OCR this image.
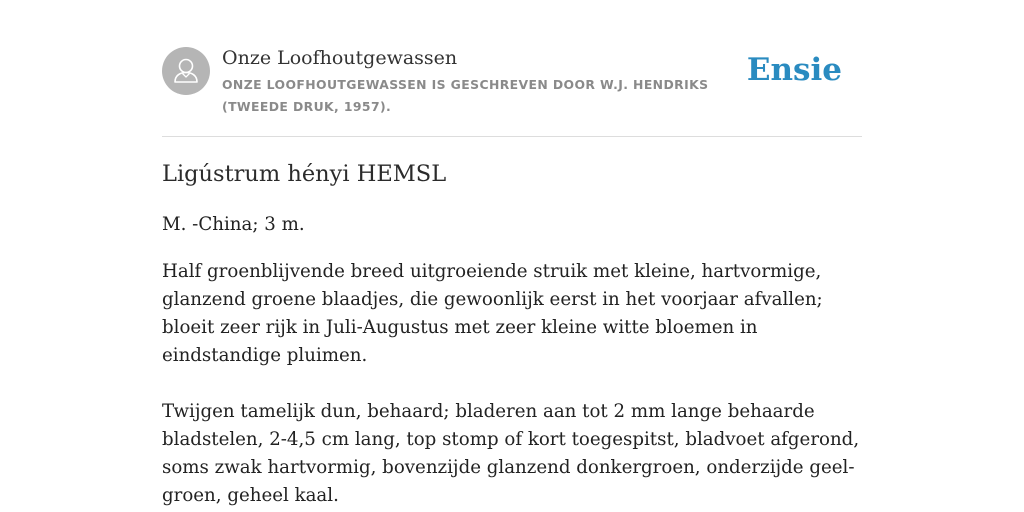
Onze Loofhoutgewassen
ONZE LOOFHOUTGEWASSEN IS GESCHREVEN DOOR W.J. HENDRIKS (TWEEDE DRUK, 1957).
Ensie
Ligústrum hényi HEMSL
M. -China; 3 m.

Half groenblijvende breed uitgroeiende struik met kleine, hartvormige, glanzend groene blaadjes, die gewoonlijk eerst in het voorjaar afvallen; bloeit zeer rijk in Juli-Augustus met zeer kleine witte bloemen in eindstandige pluimen.

Twijgen tamelijk dun, behaard; bladeren aan tot 2 mm lange behaarde bladstelen, 2-4,5 cm lang, top stomp of kort toegespitst, bladvoet afgerond, soms zwak hartvormig, bovenzijde glanzend donkergroen, onderzijde geel-groen, geheel kaal.
